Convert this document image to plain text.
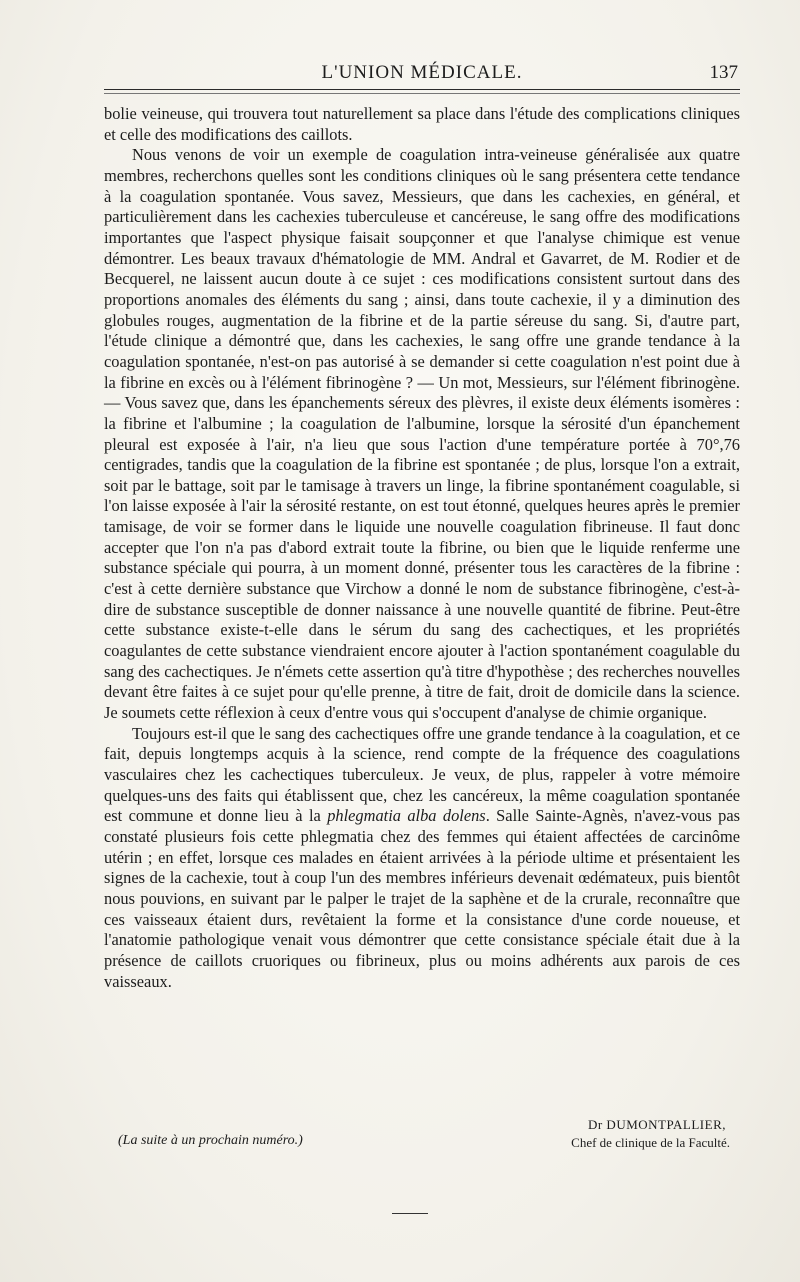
L'UNION MÉDICALE.	137

bolie veineuse, qui trouvera tout naturellement sa place dans l'étude des complications cliniques et celle des modifications des caillots.

Nous venons de voir un exemple de coagulation intra-veineuse généralisée aux quatre membres, recherchons quelles sont les conditions cliniques où le sang présentera cette tendance à la coagulation spontanée. Vous savez, Messieurs, que dans les cachexies, en général, et particulièrement dans les cachexies tuberculeuse et cancéreuse, le sang offre des modifications importantes que l'aspect physique faisait soupçonner et que l'analyse chimique est venue démontrer. Les beaux travaux d'hématologie de MM. Andral et Gavarret, de M. Rodier et de Becquerel, ne laissent aucun doute à ce sujet : ces modifications consistent surtout dans des proportions anomales des éléments du sang ; ainsi, dans toute cachexie, il y a diminution des globules rouges, augmentation de la fibrine et de la partie séreuse du sang. Si, d'autre part, l'étude clinique a démontré que, dans les cachexies, le sang offre une grande tendance à la coagulation spontanée, n'est-on pas autorisé à se demander si cette coagulation n'est point due à la fibrine en excès ou à l'élément fibrinogène ? — Un mot, Messieurs, sur l'élément fibrinogène. — Vous savez que, dans les épanchements séreux des plèvres, il existe deux éléments isomères : la fibrine et l'albumine ; la coagulation de l'albumine, lorsque la sérosité d'un épanchement pleural est exposée à l'air, n'a lieu que sous l'action d'une température portée à 70°,76 centigrades, tandis que la coagulation de la fibrine est spontanée ; de plus, lorsque l'on a extrait, soit par le battage, soit par le tamisage à travers un linge, la fibrine spontanément coagulable, si l'on laisse exposée à l'air la sérosité restante, on est tout étonné, quelques heures après le premier tamisage, de voir se former dans le liquide une nouvelle coagulation fibrineuse. Il faut donc accepter que l'on n'a pas d'abord extrait toute la fibrine, ou bien que le liquide renferme une substance spéciale qui pourra, à un moment donné, présenter tous les caractères de la fibrine : c'est à cette dernière substance que Virchow a donné le nom de substance fibrinogène, c'est-à-dire de substance susceptible de donner naissance à une nouvelle quantité de fibrine. Peut-être cette substance existe-t-elle dans le sérum du sang des cachectiques, et les propriétés coagulantes de cette substance viendraient encore ajouter à l'action spontanément coagulable du sang des cachectiques. Je n'émets cette assertion qu'à titre d'hypothèse ; des recherches nouvelles devant être faites à ce sujet pour qu'elle prenne, à titre de fait, droit de domicile dans la science. Je soumets cette réflexion à ceux d'entre vous qui s'occupent d'analyse de chimie organique.

Toujours est-il que le sang des cachectiques offre une grande tendance à la coagulation, et ce fait, depuis longtemps acquis à la science, rend compte de la fréquence des coagulations vasculaires chez les cachectiques tuberculeux. Je veux, de plus, rappeler à votre mémoire quelques-uns des faits qui établissent que, chez les cancéreux, la même coagulation spontanée est commune et donne lieu à la phlegmatia alba dolens. Salle Sainte-Agnès, n'avez-vous pas constaté plusieurs fois cette phlegmatia chez des femmes qui étaient affectées de carcinôme utérin ; en effet, lorsque ces malades en étaient arrivées à la période ultime et présentaient les signes de la cachexie, tout à coup l'un des membres inférieurs devenait œdémateux, puis bientôt nous pouvions, en suivant par le palper le trajet de la saphène et de la crurale, reconnaître que ces vaisseaux étaient durs, revêtaient la forme et la consistance d'une corde noueuse, et l'anatomie pathologique venait vous démontrer que cette consistance spéciale était due à la présence de caillots cruoriques ou fibrineux, plus ou moins adhérents aux parois de ces vaisseaux.

Dr DUMONTPALLIER,
Chef de clinique de la Faculté.
(La suite à un prochain numéro.)
